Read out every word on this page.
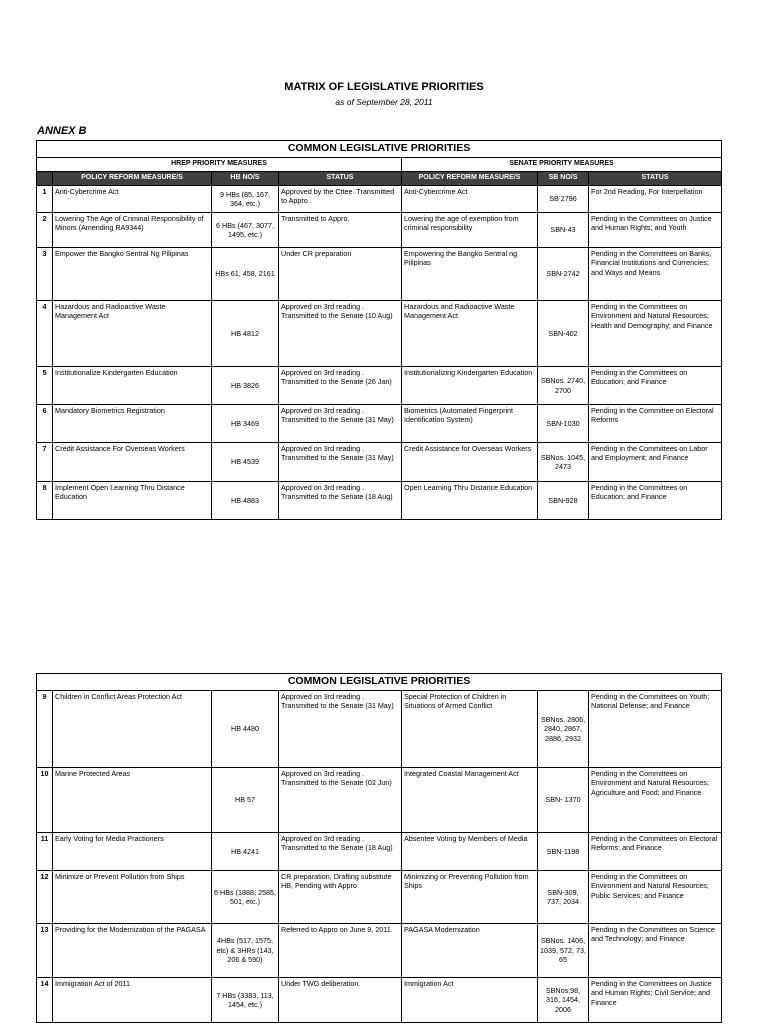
MATRIX OF LEGISLATIVE PRIORITIES
as of September 28, 2011
ANNEX B
COMMON LEGISLATIVE PRIORITIES						
HREP PRIORITY MEASURES				SENATE PRIORITY MEASURES		
	POLICY REFORM MEASURE/S	HB NO/S	STATUS	POLICY REFORM MEASURE/S	SB NO/S	STATUS
1	Anti-Cybercrime Act	9 HBs (85, 167, 364, etc.)	Approved by the Cttee. Transmitted to Appro .	Anti-Cybercrime Act	SB 2796	For 2nd Reading, For Interpellation
2	Lowering The Age of Criminal Responsibility of Minors (Amending RA9344)	6 HBs (467, 3077, 1495, etc.)	Transmitted to Appro.	Lowering the age of exemption from criminal responsibility	SBN-43	Pending in the Committees on Justice and Human Rights; and Youth
3	Empower the Bangko Sentral Ng Pilipinas	HBs 61, 458, 2161	Under CR preparation	Empowering the Bangko Sentral ng Pilipinas	SBN-2742	Pending in the Committees on Banks, Financial Institutions and Currencies; and Ways and Means
4	Hazardous and Radioactive Waste Management Act	HB 4812	Approved on 3rd reading . Transmitted to the Senate (10 Aug)	Hazardous and Radioactive Waste Management Act	SBN-402	Pending in the Committees on Environment and Natural Resources; Health and Demography; and Finance
5	Institutionalize Kindergarten Education	HB 3826	Approved on 3rd reading . Transmitted to the Senate (26 Jan)	Institutionalizing Kindergarten Education	SBNos. 2740, 2700	Pending in the Committees on Education; and Finance
6	Mandatory Biometrics Registration	HB 3469	Approved on 3rd reading . Transmitted to the Senate (31 May)	Biometrics (Automated Fingerprint Identification System)	SBN-1030	Pending in the Committee on Electoral Reforms
7	Credit Assistance For Overseas Workers	HB 4539	Approved on 3rd reading . Transmitted to the Senate (31 May)	Credit Assistance for Overseas Workers	SBNos. 1045, 2473	Pending in the Committees on Labor and Employment; and Finance
8	Implement Open Learning Thru Distance Education	HB 4883	Approved on 3rd reading . Transmitted to the Senate (18 Aug)	Open Learning Thru Distance Education	SBN-928	Pending in the Committees on Education; and Finance
COMMON LEGISLATIVE PRIORITIES						
9	Children in Conflict Areas Protection Act	HB 4480	Approved on 3rd reading . Transmitted to the Senate (31 May)	Special Protection of Children in Situations of Armed Conflict	SBNos. 2806, 2840, 2867, 2886, 2932	Pending in the Committees on Youth; National Defense; and Finance
10	Marine Protected Areas	HB 57	Approved on 3rd reading . Transmitted to the Senate (02 Jun)	Integrated Coastal Management Act	SBN- 1370	Pending in the Committees on Environment and Natural Resources; Agriculture and Food; and Finance
11	Early Voting for Media Practioners	HB 4241	Approved on 3rd reading . Transmitted to the Senate (18 Aug)	Absentee Voting by Members of Media	SBN-1198	Pending in the Committees on Electoral Reforms; and Finance
12	Minimize or Prevent Pollution from Ships	6 HBs (1888, 2585, 501, etc.)	CR preparation, Drafting substitute HB, Pending with Appro	Minimizing or Preventing Pollution from Ships	SBN-309, 737, 2034	Pending in the Committees on Environment and Natural Resources; Public Services; and Finance
13	Providing for the Modernization of the PAGASA	4HBs (517, 1575, etc) & 3HRs (143, 206 & 590)	Referred to Appro on June 9, 2011	PAGASA Modernization	SBNos. 1406, 1039, 572, 73, 65	Pending in the Committees on Science and Technology; and Finance
14	Immigration Act of 2011	7 HBs (3383, 113, 1454, etc.)	Under TWG deliberation.	Immigration Act	SBNos.98, 316, 1454, 2006	Pending in the Committees on Justice and Human Rights; Civil Service; and Finance
